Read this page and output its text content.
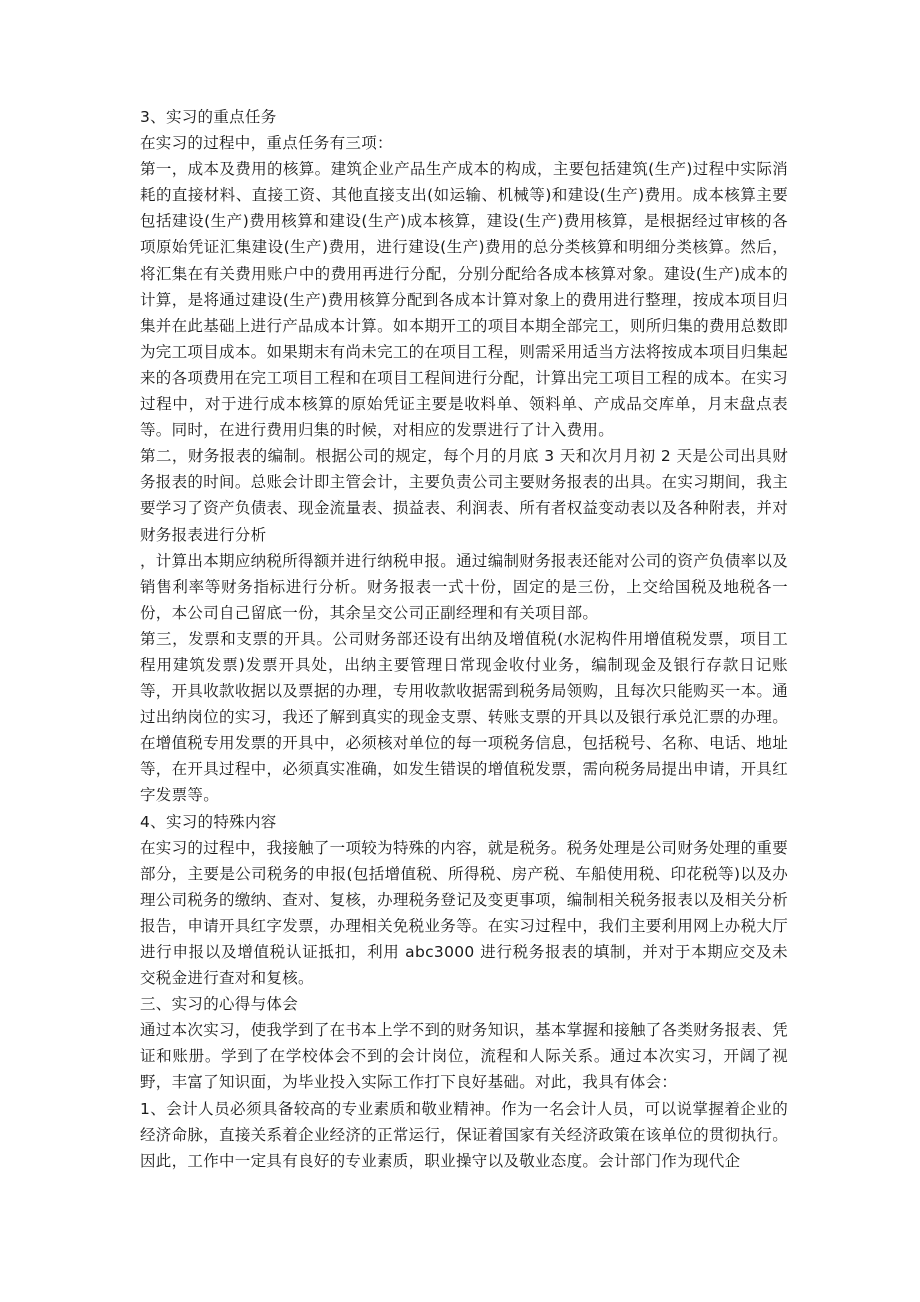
3、实习的重点任务

在实习的过程中，重点任务有三项：

第一，成本及费用的核算。建筑企业产品生产成本的构成，主要包括建筑(生产)过程中实际消耗的直接材料、直接工资、其他直接支出(如运输、机械等)和建设(生产)费用。成本核算主要包括建设(生产)费用核算和建设(生产)成本核算，建设(生产)费用核算，是根据经过审核的各项原始凭证汇集建设(生产)费用，进行建设(生产)费用的总分类核算和明细分类核算。然后，将汇集在有关费用账户中的费用再进行分配，分别分配给各成本核算对象。建设(生产)成本的计算，是将通过建设(生产)费用核算分配到各成本计算对象上的费用进行整理，按成本项目归集并在此基础上进行产品成本计算。如本期开工的项目本期全部完工，则所归集的费用总数即为完工项目成本。如果期末有尚未完工的在项目工程，则需采用适当方法将按成本项目归集起来的各项费用在完工项目工程和在项目工程间进行分配，计算出完工项目工程的成本。在实习过程中，对于进行成本核算的原始凭证主要是收料单、领料单、产成品交库单，月末盘点表等。同时，在进行费用归集的时候，对相应的发票进行了计入费用。

第二，财务报表的编制。根据公司的规定，每个月的月底 3 天和次月月初 2 天是公司出具财务报表的时间。总账会计即主管会计，主要负责公司主要财务报表的出具。在实习期间，我主要学习了资产负债表、现金流量表、损益表、利润表、所有者权益变动表以及各种附表，并对财务报表进行分析

，计算出本期应纳税所得额并进行纳税申报。通过编制财务报表还能对公司的资产负债率以及销售利率等财务指标进行分析。财务报表一式十份，固定的是三份，上交给国税及地税各一份，本公司自己留底一份，其余呈交公司正副经理和有关项目部。

第三，发票和支票的开具。公司财务部还设有出纳及增值税(水泥构件用增值税发票，项目工程用建筑发票)发票开具处，出纳主要管理日常现金收付业务，编制现金及银行存款日记账等，开具收款收据以及票据的办理，专用收款收据需到税务局领购，且每次只能购买一本。通过出纳岗位的实习，我还了解到真实的现金支票、转账支票的开具以及银行承兑汇票的办理。在增值税专用发票的开具中，必须核对单位的每一项税务信息，包括税号、名称、电话、地址等，在开具过程中，必须真实准确，如发生错误的增值税发票，需向税务局提出申请，开具红字发票等。

4、实习的特殊内容

在实习的过程中，我接触了一项较为特殊的内容，就是税务。税务处理是公司财务处理的重要部分，主要是公司税务的申报(包括增值税、所得税、房产税、车船使用税、印花税等)以及办理公司税务的缴纳、查对、复核，办理税务登记及变更事项，编制相关税务报表以及相关分析报告，申请开具红字发票，办理相关免税业务等。在实习过程中，我们主要利用网上办税大厅进行申报以及增值税认证抵扣，利用 abc3000 进行税务报表的填制，并对于本期应交及未交税金进行查对和复核。

三、实习的心得与体会

通过本次实习，使我学到了在书本上学不到的财务知识，基本掌握和接触了各类财务报表、凭证和账册。学到了在学校体会不到的会计岗位，流程和人际关系。通过本次实习，开阔了视野，丰富了知识面，为毕业投入实际工作打下良好基础。对此，我具有体会：

1、会计人员必须具备较高的专业素质和敬业精神。作为一名会计人员，可以说掌握着企业的经济命脉，直接关系着企业经济的正常运行，保证着国家有关经济政策在该单位的贯彻执行。因此，工作中一定具有良好的专业素质，职业操守以及敬业态度。会计部门作为现代企
